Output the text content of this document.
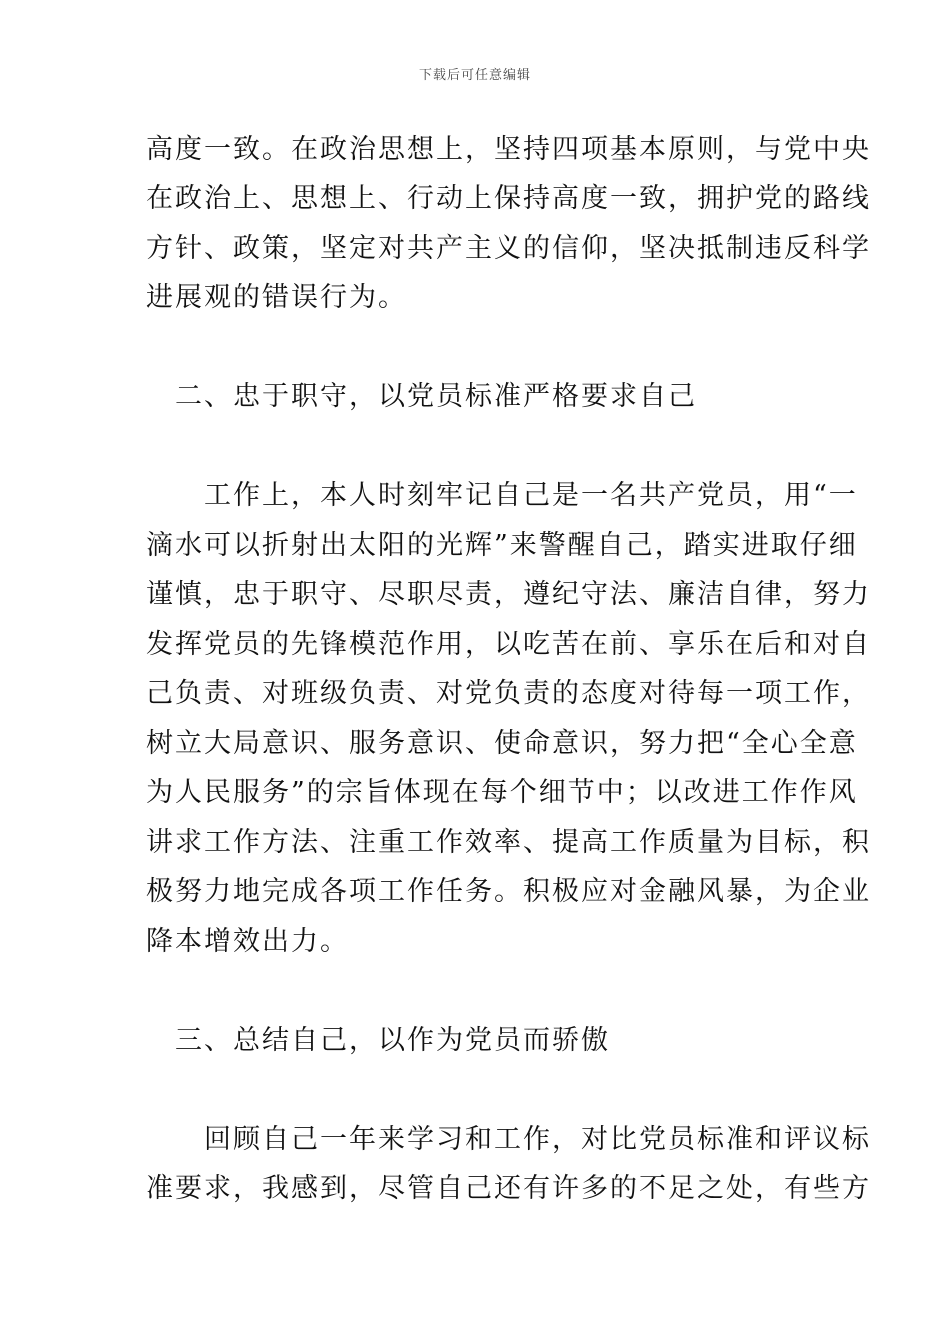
下载后可任意编辑
高度一致。在政治思想上，坚持四项基本原则，与党中央
在政治上、思想上、行动上保持高度一致，拥护党的路线
方针、政策，坚定对共产主义的信仰，坚决抵制违反科学
进展观的错误行为。
　二、忠于职守，以党员标准严格要求自己
　　工作上，本人时刻牢记自己是一名共产党员，用“一
滴水可以折射出太阳的光辉”来警醒自己，踏实进取仔细
谨慎，忠于职守、尽职尽责，遵纪守法、廉洁自律，努力
发挥党员的先锋模范作用，以吃苦在前、享乐在后和对自
己负责、对班级负责、对党负责的态度对待每一项工作，
树立大局意识、服务意识、使命意识，努力把“全心全意
为人民服务”的宗旨体现在每个细节中；以改进工作作风
讲求工作方法、注重工作效率、提高工作质量为目标，积
极努力地完成各项工作任务。积极应对金融风暴，为企业
降本增效出力。
　三、总结自己，以作为党员而骄傲
　　回顾自己一年来学习和工作，对比党员标准和评议标
准要求，我感到，尽管自己还有许多的不足之处，有些方
